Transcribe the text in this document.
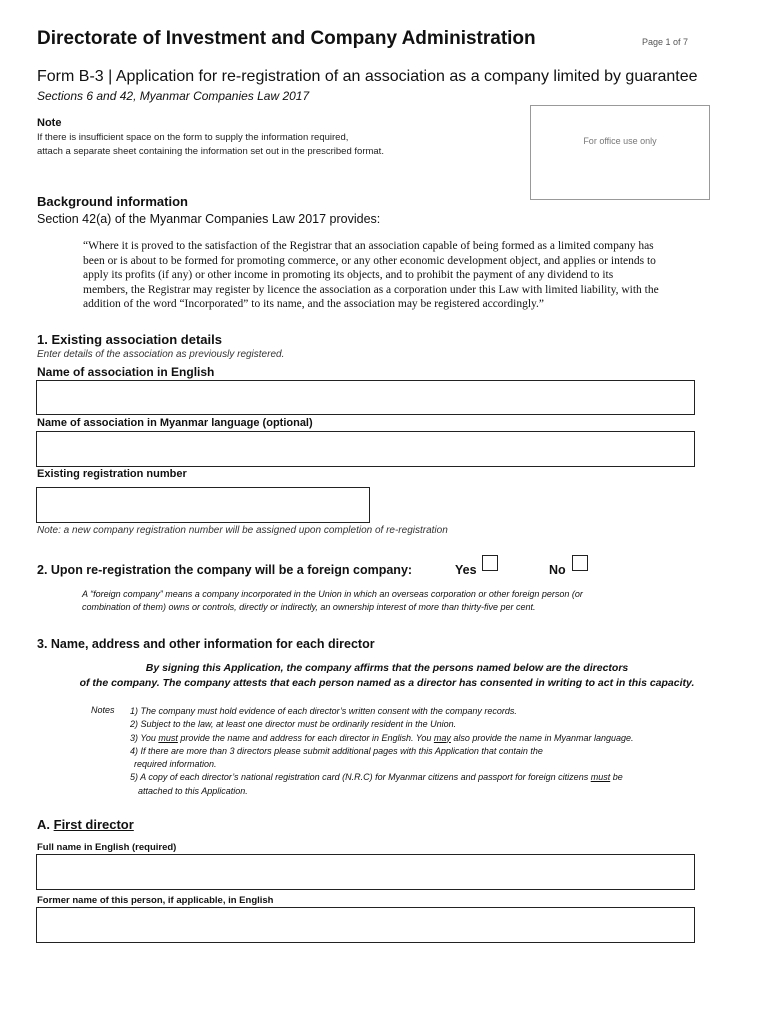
Directorate of Investment and Company Administration	Page 1 of 7
Form B-3 | Application for re-registration of an association as a company limited by guarantee
Sections 6 and 42, Myanmar Companies Law 2017
Note
If there is insufficient space on the form to supply the information required,
attach a separate sheet containing the information set out in the prescribed format.
For office use only
Background information
Section 42(a) of the Myanmar Companies Law 2017 provides:
“Where it is proved to the satisfaction of the Registrar that an association capable of being formed as a limited company has
been or is about to be formed for promoting commerce, or any other economic development object, and applies or intends to
apply its profits (if any) or other income in promoting its objects, and to prohibit the payment of any dividend to its
members, the Registrar may register by licence the association as a corporation under this Law with limited liability, with the
addition of the word “Incorporated” to its name, and the association may be registered accordingly.”
1. Existing association details
Enter details of the association as previously registered.
Name of association in English
Name of association in Myanmar language (optional)
Existing registration number
Note: a new company registration number will be assigned upon completion of re-registration
2. Upon re-registration the company will be a foreign company:	Yes	No
A “foreign company” means a company incorporated in the Union in which an overseas corporation or other foreign person (or
combination of them) owns or controls, directly or indirectly, an ownership interest of more than thirty-five per cent.
3. Name, address and other information for each director
By signing this Application, the company affirms that the persons named below are the directors
of the company. The company attests that each person named as a director has consented in writing to act in this capacity.
Notes 1) The company must hold evidence of each director’s written consent with the company records.
2) Subject to the law, at least one director must be ordinarily resident in the Union.
3) You must provide the name and address for each director in English. You may also provide the name in Myanmar language.
4) If there are more than 3 directors please submit additional pages with this Application that contain the
required information.
5) A copy of each director’s national registration card (N.R.C) for Myanmar citizens and passport for foreign citizens must be
attached to this Application.
A. First director
Full name in English (required)
Former name of this person, if applicable, in English
